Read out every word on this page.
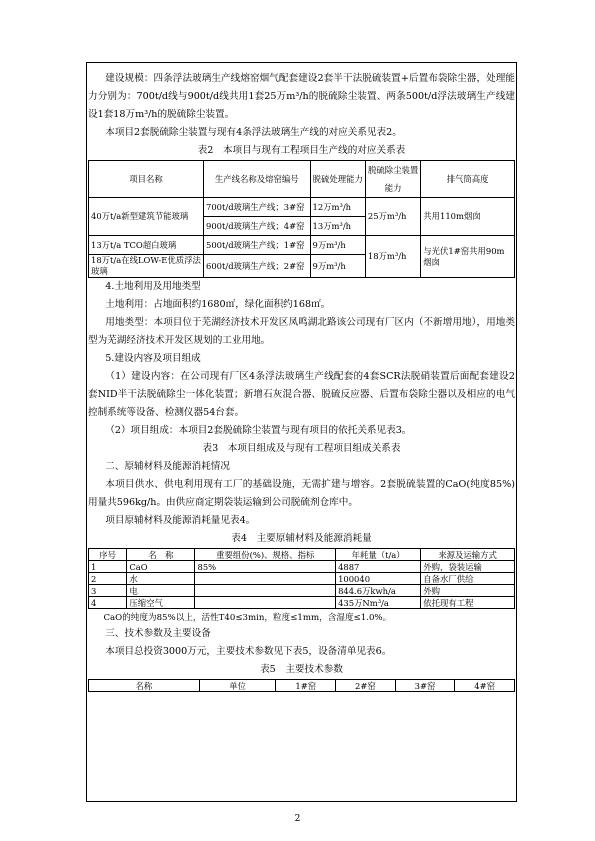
建设规模：四条浮法玻璃生产线熔窑烟气配套建设2套半干法脱硫装置+后置布袋除尘器，处理能力分别为：700t/d线与900t/d线共用1套25万m³/h的脱硫除尘装置、两条500t/d浮法玻璃生产线建设1套18万m³/h的脱硫除尘装置。

本项目2套脱硫除尘装置与现有4条浮法玻璃生产线的对应关系见表2。

表2　本项目与现有工程项目生产线的对应关系表
项目名称	生产线名称及熔窑编号	脱硫处理能力	脱硫除尘装置能力	排气筒高度
40万t/a新型建筑节能玻璃	700t/d玻璃生产线；3#窑	12万m³/h	25万m³/h	共用110m烟囱
	900t/d玻璃生产线；4#窑	13万m³/h		
13万t/a TCO超白玻璃	500t/d玻璃生产线；1#窑	9万m³/h	18万m³/h	与光伏1#窑共用90m烟囱
18万t/a在线LOW-E优质浮法玻璃	600t/d玻璃生产线；2#窑	9万m³/h		

4.土地利用及用地类型

土地利用：占地面积约1680㎡，绿化面积约168㎡。

用地类型：本项目位于芜湖经济技术开发区凤鸣湖北路该公司现有厂区内（不新增用地），用地类型为芜湖经济技术开发区规划的工业用地。

5.建设内容及项目组成

（1）建设内容：在公司现有厂区4条浮法玻璃生产线配套的4套SCR法脱硝装置后面配套建设2套NID半干法脱硫除尘一体化装置；新增石灰混合器、脱硫反应器、后置布袋除尘器以及相应的电气控制系统等设备、检测仪器54台套。

（2）项目组成：本项目2套脱硫除尘装置与现有项目的依托关系见表3。

表3　本项目组成及与现有工程项目组成关系表

二、原辅材料及能源消耗情况

本项目供水、供电利用现有工厂的基础设施，无需扩建与增容。2套脱硫装置的CaO(纯度85%)用量共596kg/h。由供应商定期袋装运输到公司脱硫剂仓库中。

项目原辅材料及能源消耗量见表4。

表4　主要原辅材料及能源消耗量
序号	名　称	重要组份(%)、规格、指标	年耗量（t/a）	来源及运输方式
1	CaO	85%	4887	外购，袋装运输
2	水		100040	自备水厂供给
3	电		844.6万kwh/a	外购
4	压缩空气		435万Nm³/a	依托现有工程

CaO的纯度为85%以上，活性T40≤3min，粒度≤1mm，含湿度≤1.0%。

三、技术参数及主要设备

本项目总投资3000万元，主要技术参数见下表5，设备清单见表6。

表5　主要技术参数
名称	单位	1#窑	2#窑	3#窑	4#窑
2
